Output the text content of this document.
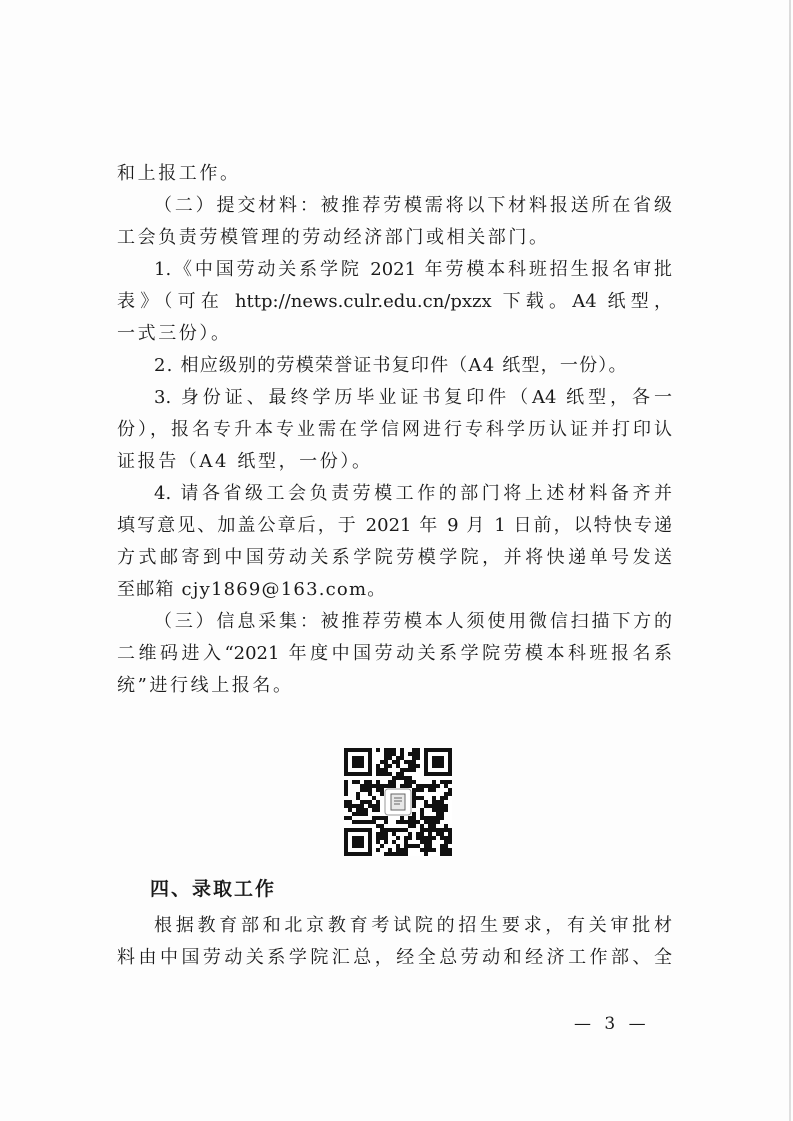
和上报工作。
（二）提交材料：被推荐劳模需将以下材料报送所在省级
工会负责劳模管理的劳动经济部门或相关部门。
1.《中国劳动关系学院 2021 年劳模本科班招生报名审批
表》（可在 http://news.culr.edu.cn/pxzx 下载。A4 纸型，
一式三份）。
2. 相应级别的劳模荣誉证书复印件（A4 纸型，一份）。
3. 身份证、最终学历毕业证书复印件（A4 纸型，各一
份），报名专升本专业需在学信网进行专科学历认证并打印认
证报告（A4 纸型，一份）。
4. 请各省级工会负责劳模工作的部门将上述材料备齐并
填写意见、加盖公章后，于 2021 年 9 月 1 日前，以特快专递
方式邮寄到中国劳动关系学院劳模学院，并将快递单号发送
至邮箱 cjy1869@163.com。
（三）信息采集：被推荐劳模本人须使用微信扫描下方的
二维码进入“2021 年度中国劳动关系学院劳模本科班报名系
统”进行线上报名。
四、录取工作
根据教育部和北京教育考试院的招生要求，有关审批材
料由中国劳动关系学院汇总，经全总劳动和经济工作部、全
— 3 —
